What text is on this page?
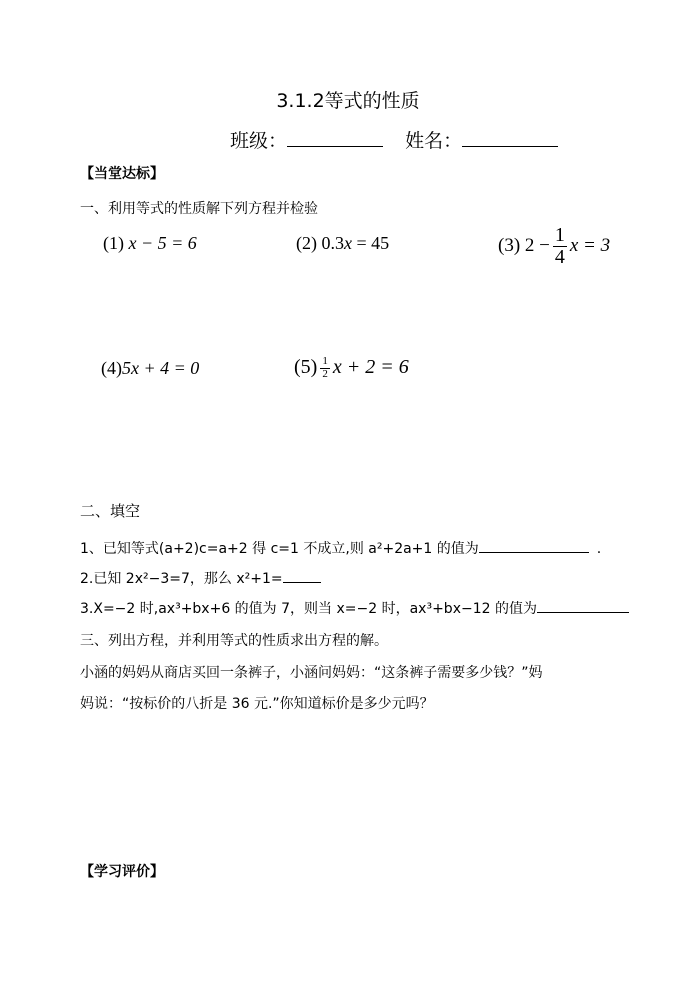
3.1.2等式的性质
班级：	姓名：
【当堂达标】
一、利用等式的性质解下列方程并检验
(1) x − 5 = 6	(2) 0.3x = 45	(3) $2 - \frac{1}{4}$ x = 3
(4)5x + 4 = 0	$(5) \frac{1}{2}$ x + 2 = 6
二、填空
1、已知等式(a+2)c=a+2 得 c=1 不成立,则 a²+2a+1 的值为	.
2.已知 2x²−3=7，那么 x²+1=
3.X=−2 时,ax³+bx+6 的值为 7，则当 x=−2 时，ax³+bx−12 的值为
三、列出方程，并利用等式的性质求出方程的解。
小涵的妈妈从商店买回一条裤子，小涵问妈妈：“这条裤子需要多少钱？”妈
妈说：“按标价的八折是 36 元.”你知道标价是多少元吗？
【学习评价】
